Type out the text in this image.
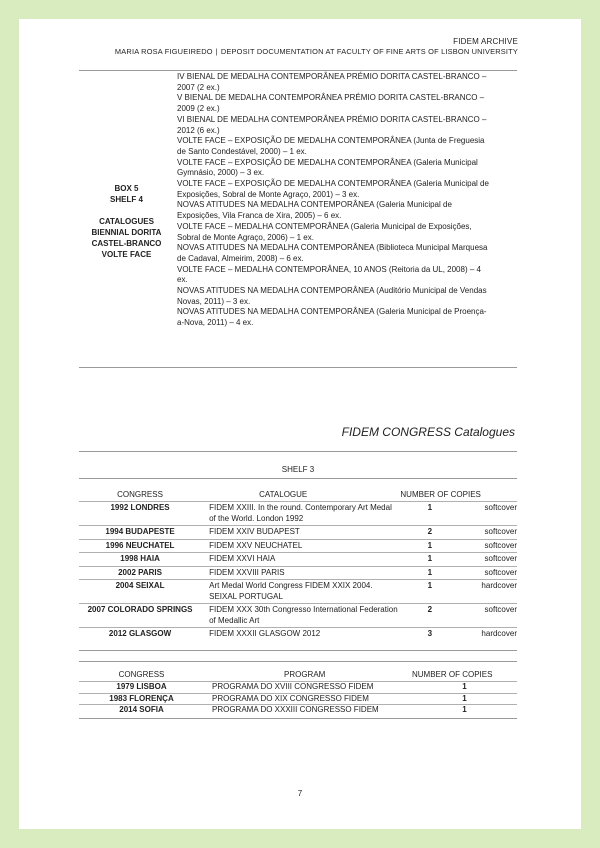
FIDEM ARCHIVE
MARIA ROSA FIGUEIREDO | DEPOSIT DOCUMENTATION AT FACULTY OF FINE ARTS OF LISBON UNIVERSITY
BOX 5
SHELF 4
CATALOGUES
BIENNIAL DORITA
CASTEL-BRANCO
VOLTE FACE
IV BIENAL DE MEDALHA CONTEMPORÂNEA PRÉMIO DORITA CASTEL-BRANCO – 2007 (2 ex.)
V BIENAL DE MEDALHA CONTEMPORÂNEA PRÉMIO DORITA CASTEL-BRANCO – 2009 (2 ex.)
VI BIENAL DE MEDALHA CONTEMPORÂNEA PRÉMIO DORITA CASTEL-BRANCO – 2012 (6 ex.)
VOLTE FACE – EXPOSIÇÃO DE MEDALHA CONTEMPORÂNEA (Junta de Freguesia de Santo Condestável, 2000) – 1 ex.
VOLTE FACE – EXPOSIÇÃO DE MEDALHA CONTEMPORÂNEA (Galeria Municipal Gymnásio, 2000) – 3 ex.
VOLTE FACE – EXPOSIÇÃO DE MEDALHA CONTEMPORÂNEA (Galeria Municipal de Exposições, Sobral de Monte Agraço, 2001) – 3 ex.
NOVAS ATITUDES NA MEDALHA CONTEMPORÂNEA (Galeria Municipal de Exposições, Vila Franca de Xira, 2005) – 6 ex.
VOLTE FACE – MEDALHA CONTEMPORÂNEA (Galeria Municipal de Exposições, Sobral de Monte Agraço, 2006) – 1 ex.
NOVAS ATITUDES NA MEDALHA CONTEMPORÂNEA (Biblioteca Municipal Marquesa de Cadaval, Almeirim, 2008) – 6 ex.
VOLTE FACE – MEDALHA CONTEMPORÂNEA, 10 ANOS (Reitoria da UL, 2008) – 4 ex.
NOVAS ATITUDES NA MEDALHA CONTEMPORÂNEA (Auditório Municipal de Vendas Novas, 2011) – 3 ex.
NOVAS ATITUDES NA MEDALHA CONTEMPORÂNEA (Galeria Municipal de Proença-a-Nova, 2011) – 4 ex.
FIDEM CONGRESS Catalogues
SHELF 3
CONGRESS	CATALOGUE	NUMBER OF COPIES	
1992 LONDRES	FIDEM XXIII. In the round. Contemporary Art Medal of the World. London 1992	1	softcover
1994 BUDAPESTE	FIDEM XXIV BUDAPEST	2	softcover
1996 NEUCHATEL	FIDEM XXV NEUCHATEL	1	softcover
1998 HAIA	FIDEM XXVI HAIA	1	softcover
2002 PARIS	FIDEM XXVIII PARIS	1	softcover
2004 SEIXAL	Art Medal World Congress FIDEM XXIX 2004. SEIXAL PORTUGAL	1	hardcover
2007 COLORADO SPRINGS	FIDEM XXX 30th Congresso International Federation of Medallic Art	2	softcover
2012 GLASGOW	FIDEM XXXII GLASGOW 2012	3	hardcover
CONGRESS	PROGRAM	NUMBER OF COPIES
1979 LISBOA	PROGRAMA DO XVIII CONGRESSO FIDEM	1
1983 FLORENÇA	PROGRAMA DO XIX CONGRESSO FIDEM	1
2014 SOFIA	PROGRAMA DO XXXIII CONGRESSO FIDEM	1
7
